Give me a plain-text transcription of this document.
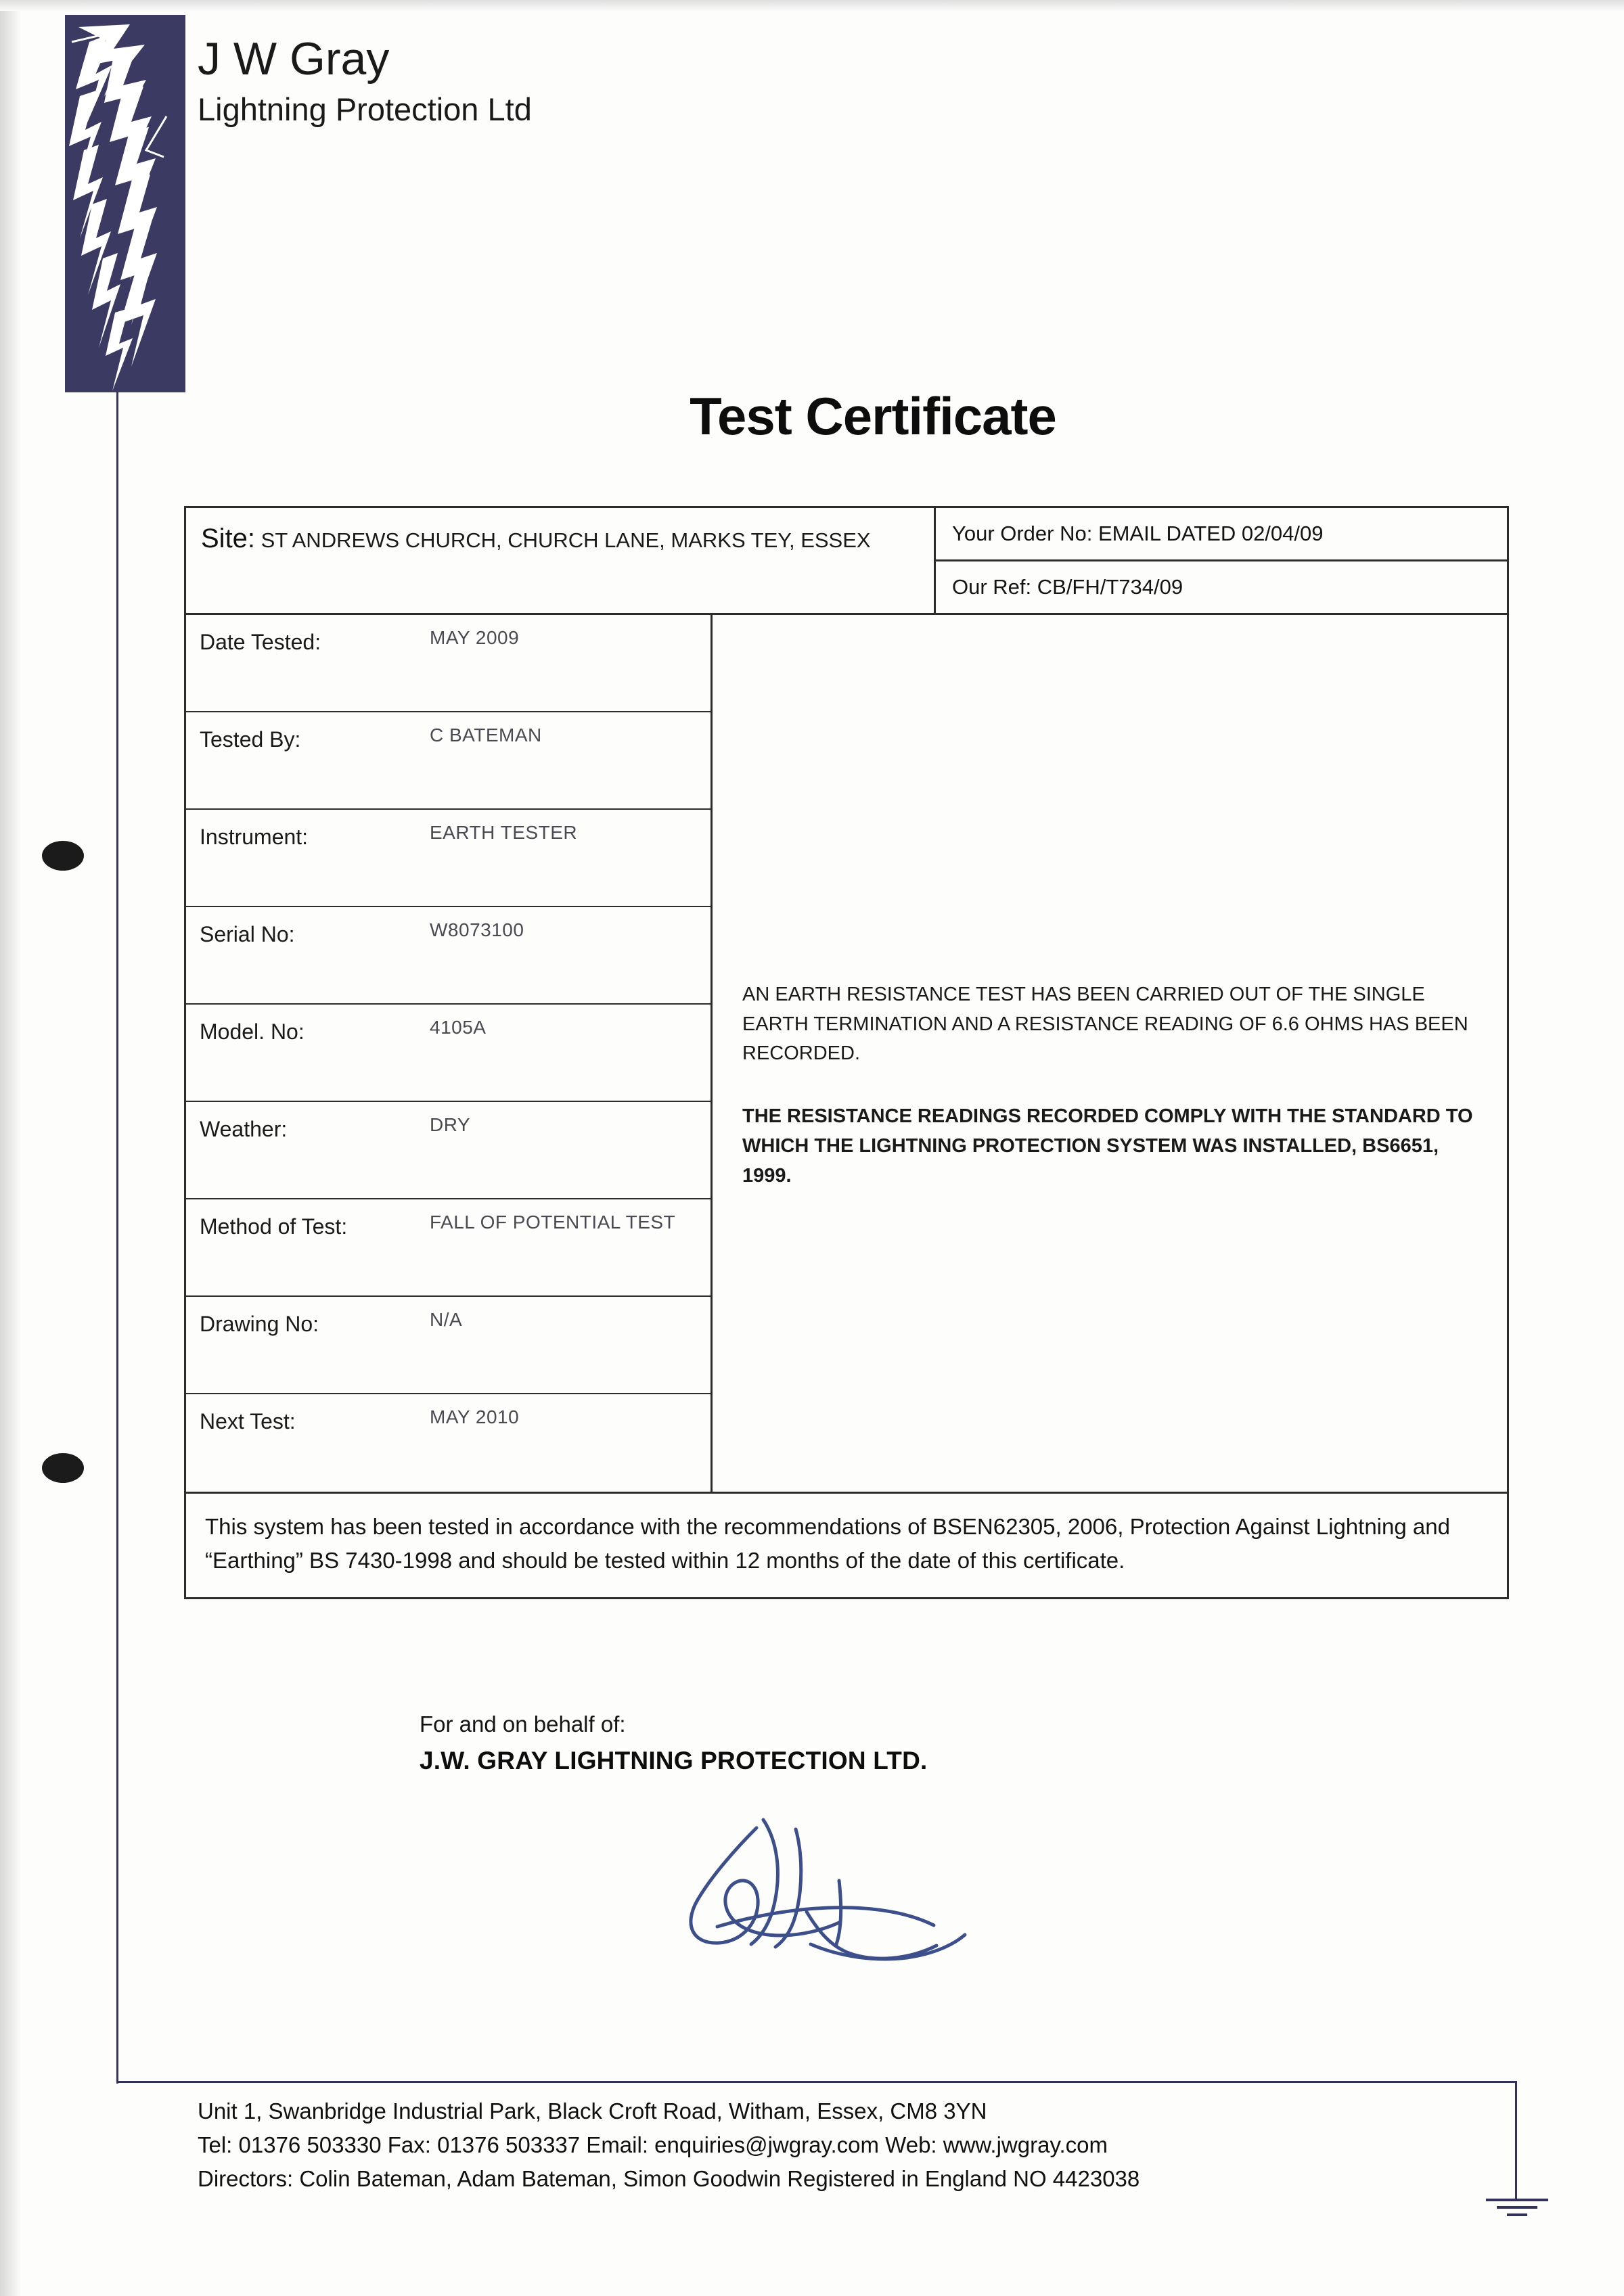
J W Gray
Lightning Protection Ltd
Test Certificate
Site: ST ANDREWS CHURCH, CHURCH LANE, MARKS TEY, ESSEX	Your Order No: EMAIL DATED 02/04/09
Our Ref: CB/FH/T734/09
Date Tested:	MAY 2009
Tested By:	C BATEMAN
Instrument:	EARTH TESTER
Serial No:	W8073100
Model. No:	4105A
Weather:	DRY
Method of Test:	FALL OF POTENTIAL TEST
Drawing No:	N/A
Next Test:	MAY 2010
AN EARTH RESISTANCE TEST HAS BEEN CARRIED OUT OF THE SINGLE EARTH TERMINATION AND A RESISTANCE READING OF 6.6 OHMS HAS BEEN RECORDED.
THE RESISTANCE READINGS RECORDED COMPLY WITH THE STANDARD TO WHICH THE LIGHTNING PROTECTION SYSTEM WAS INSTALLED, BS6651, 1999.
This system has been tested in accordance with the recommendations of BSEN62305, 2006, Protection Against Lightning and “Earthing” BS 7430-1998 and should be tested within 12 months of the date of this certificate.
For and on behalf of:
J.W. GRAY LIGHTNING PROTECTION LTD.
Unit 1, Swanbridge Industrial Park, Black Croft Road, Witham, Essex, CM8 3YN
Tel: 01376 503330 Fax: 01376 503337 Email: enquiries@jwgray.com Web: www.jwgray.com
Directors: Colin Bateman, Adam Bateman, Simon Goodwin Registered in England NO 4423038
